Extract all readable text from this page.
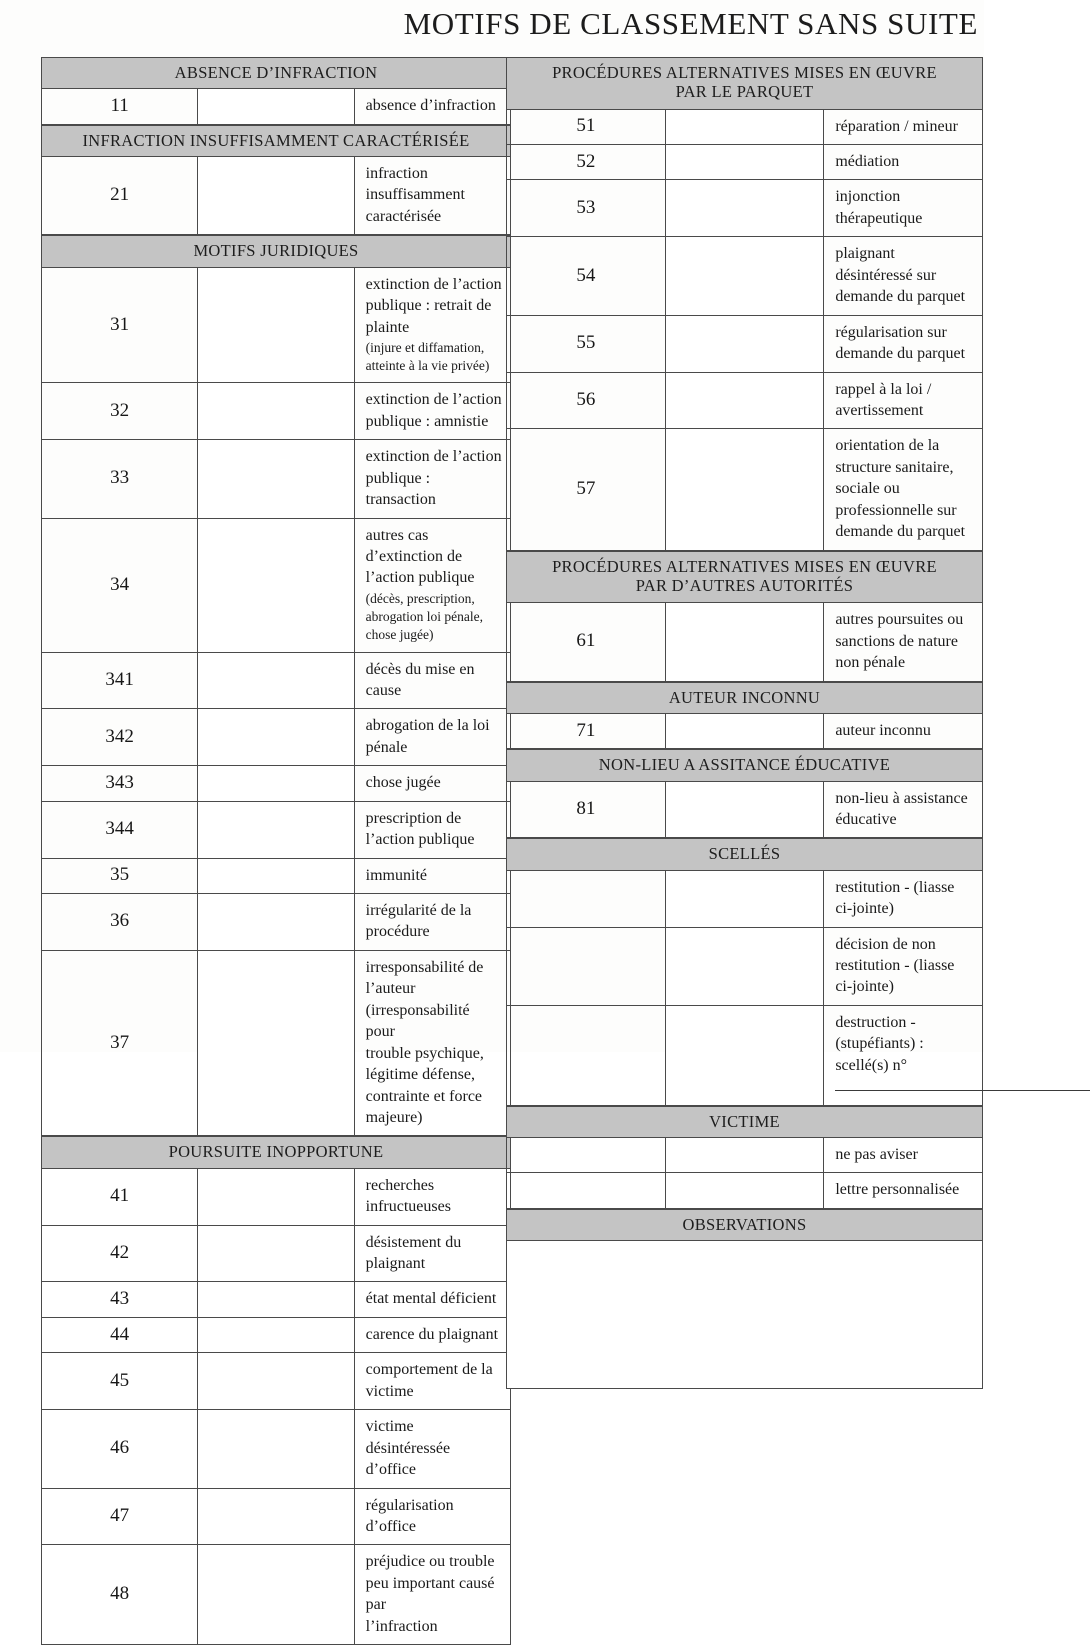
MOTIFS DE CLASSEMENT SANS SUITE
ABSENCE D’INFRACTION
11		absence d’infraction
INFRACTION INSUFFISAMMENT CARACTÉRISÉE
21		infraction insuffisamment caractérisée
MOTIFS JURIDIQUES		
31		extinction de l’action publique : retrait de plainte
(injure et diffamation, atteinte à la vie privée)

32		extinction de l’action publique : amnistie
33		extinction de l’action publique : transaction
34		autres cas d’extinction de l’action publique
(décès, prescription, abrogation loi pénale, chose jugée)

341		décès du mise en cause
342		abrogation de la loi pénale
343		chose jugée
344		prescription de l’action publique
35		immunité
36		irrégularité de la procédure
37		irresponsabilité de l’auteur (irresponsabilité pour
trouble psychique, légitime défense, contrainte et force majeure)
POURSUITE INOPPORTUNE		
41		recherches infructueuses
42		désistement du plaignant
43		état mental déficient
44		carence du plaignant
45		comportement de la victime
46		victime désintéressée d’office
47		régularisation d’office
48		préjudice ou trouble peu important causé par
l’infraction
PROCÉDURES ALTERNATIVES MISES EN ŒUVRE
PAR LE PARQUET		
51		réparation / mineur
52		médiation
53		injonction thérapeutique
54		plaignant désintéressé sur demande du parquet
55		régularisation sur demande du parquet
56		rappel à la loi / avertissement
57		orientation de la structure sanitaire, sociale ou
professionnelle sur demande du parquet
PROCÉDURES ALTERNATIVES MISES EN ŒUVRE
PAR D’AUTRES AUTORITÉS
61		autres poursuites ou sanctions de nature non pénale
AUTEUR INCONNU
71		auteur inconnu
NON-LIEU A ASSITANCE ÉDUCATIVE
81		non-lieu à assistance éducative
SCELLÉS		
		restitution - (liasse ci-jointe)
		décision de non restitution - (liasse ci-jointe)
		destruction - (stupéfiants) :
scellé(s) n°
VICTIME		
		ne pas aviser
		lettre personnalisée
OBSERVATIONS
